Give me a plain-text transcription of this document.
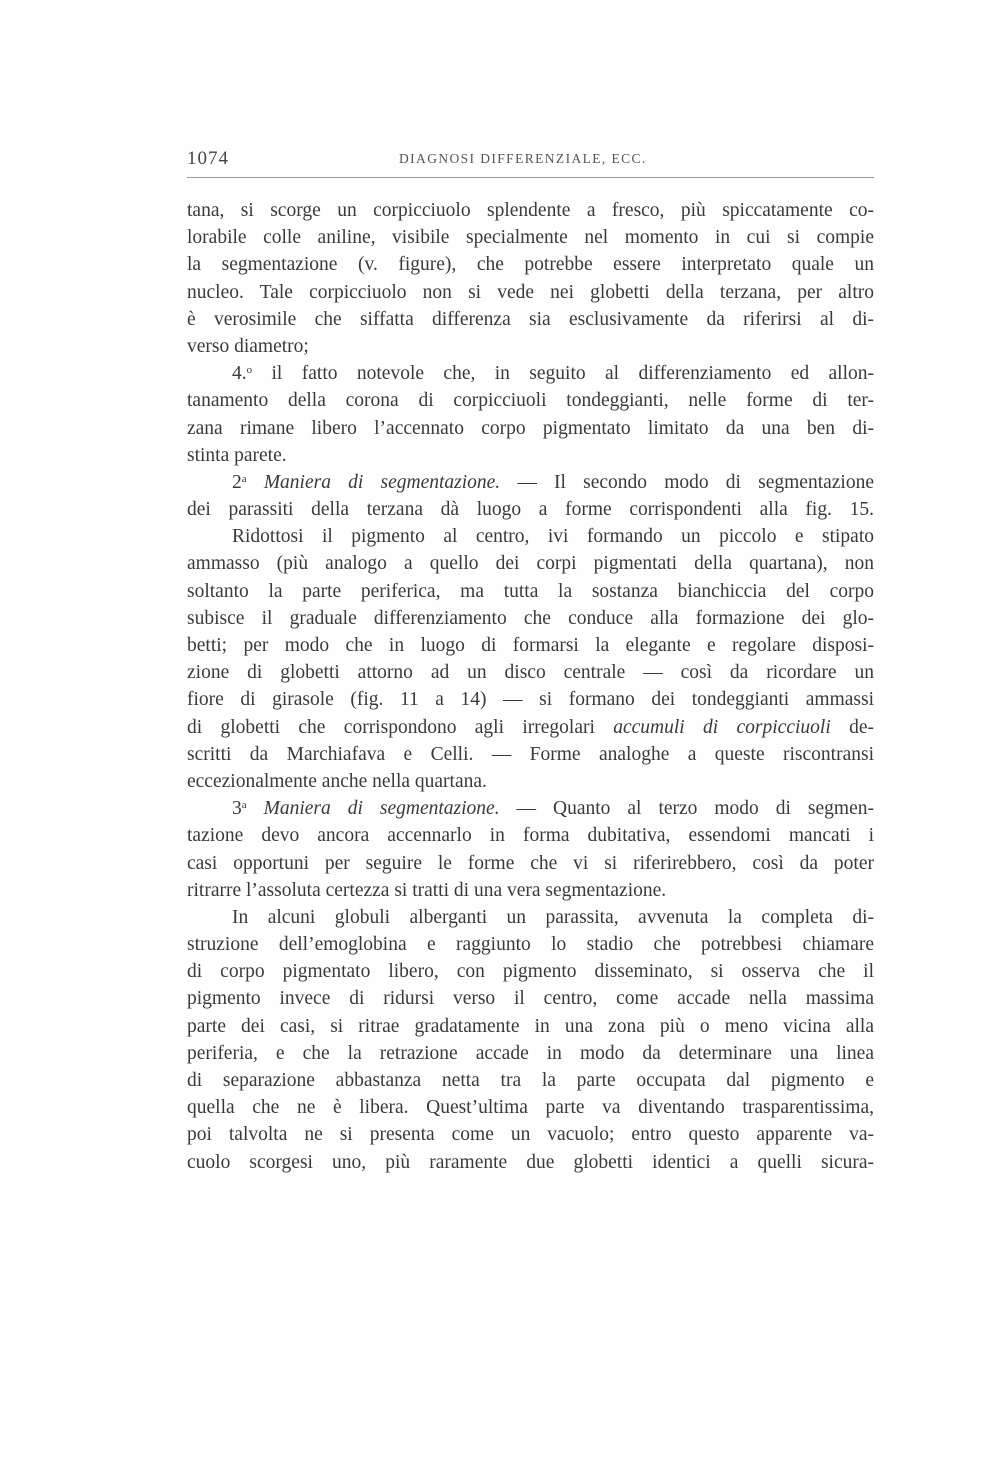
1074	DIAGNOSI DIFFERENZIALE, ECC.
tana, si scorge un corpicciuolo splendente a fresco, più spiccatamente co-
lorabile colle aniline, visibile specialmente nel momento in cui si compie
la segmentazione (v. figure), che potrebbe essere interpretato quale un
nucleo. Tale corpicciuolo non si vede nei globetti della terzana, per altro
è verosimile che siffatta differenza sia esclusivamente da riferirsi al di-
verso diametro;
4.$^o$ il fatto notevole che, in seguito al differenziamento ed allon-
tanamento della corona di corpicciuoli tondeggianti, nelle forme di ter-
zana rimane libero l’accennato corpo pigmentato limitato da una ben di-
stinta parete.
2$^a$ Maniera di segmentazione. — Il secondo modo di segmentazione
dei parassiti della terzana dà luogo a forme corrispondenti alla fig. 15.
Ridottosi il pigmento al centro, ivi formando un piccolo e stipato
ammasso (più analogo a quello dei corpi pigmentati della quartana), non
soltanto la parte periferica, ma tutta la sostanza bianchiccia del corpo
subisce il graduale differenziamento che conduce alla formazione dei glo-
betti; per modo che in luogo di formarsi la elegante e regolare disposi-
zione di globetti attorno ad un disco centrale — così da ricordare un
fiore di girasole (fig. 11 a 14) — si formano dei tondeggianti ammassi
di globetti che corrispondono agli irregolari accumuli di corpicciuoli de-
scritti da Marchiafava e Celli. — Forme analoghe a queste riscontransi
eccezionalmente anche nella quartana.
3$^a$ Maniera di segmentazione. — Quanto al terzo modo di segmen-
tazione devo ancora accennarlo in forma dubitativa, essendomi mancati i
casi opportuni per seguire le forme che vi si riferirebbero, così da poter
ritrarre l’assoluta certezza si tratti di una vera segmentazione.
In alcuni globuli alberganti un parassita, avvenuta la completa di-
struzione dell’emoglobina e raggiunto lo stadio che potrebbesi chiamare
di corpo pigmentato libero, con pigmento disseminato, si osserva che il
pigmento invece di ridursi verso il centro, come accade nella massima
parte dei casi, si ritrae gradatamente in una zona più o meno vicina alla
periferia, e che la retrazione accade in modo da determinare una linea
di separazione abbastanza netta tra la parte occupata dal pigmento e
quella che ne è libera. Quest’ultima parte va diventando trasparentissima,
poi talvolta ne si presenta come un vacuolo; entro questo apparente va-
cuolo scorgesi uno, più raramente due globetti identici a quelli sicura-
